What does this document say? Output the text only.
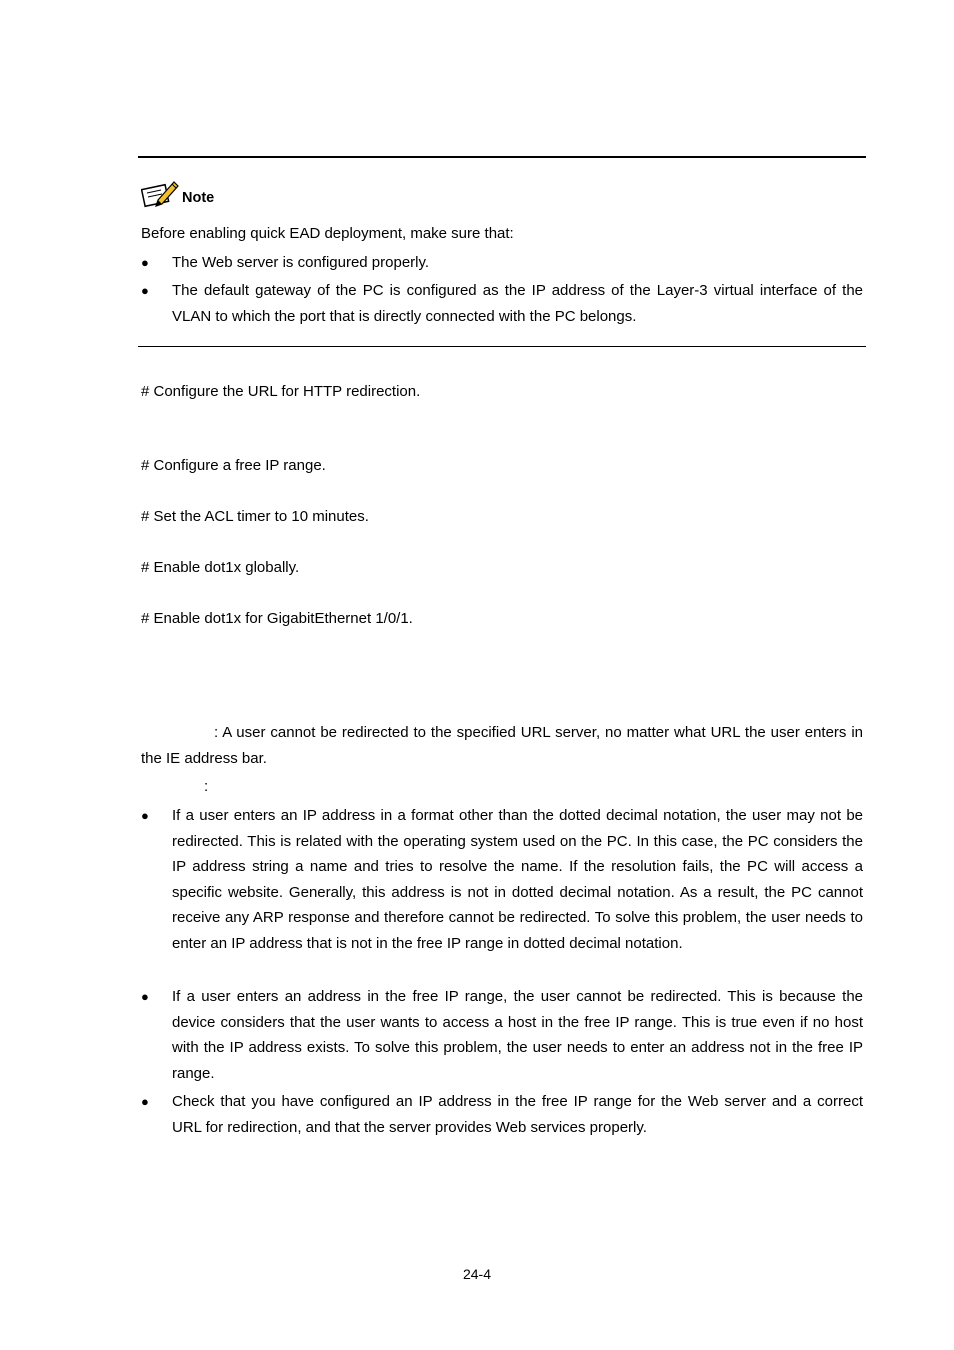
Note
Before enabling quick EAD deployment, make sure that:
● The Web server is configured properly.
● The default gateway of the PC is configured as the IP address of the Layer-3 virtual interface of the VLAN to which the port that is directly connected with the PC belongs.
# Configure the URL for HTTP redirection.
# Configure a free IP range.
# Set the ACL timer to 10 minutes.
# Enable dot1x globally.
# Enable dot1x for GigabitEthernet 1/0/1.
: A user cannot be redirected to the specified URL server, no matter what URL the user enters in the IE address bar.
:
● If a user enters an IP address in a format other than the dotted decimal notation, the user may not be redirected. This is related with the operating system used on the PC. In this case, the PC considers the IP address string a name and tries to resolve the name. If the resolution fails, the PC will access a specific website. Generally, this address is not in dotted decimal notation. As a result, the PC cannot receive any ARP response and therefore cannot be redirected. To solve this problem, the user needs to enter an IP address that is not in the free IP range in dotted decimal notation.
● If a user enters an address in the free IP range, the user cannot be redirected. This is because the device considers that the user wants to access a host in the free IP range. This is true even if no host with the IP address exists. To solve this problem, the user needs to enter an address not in the free IP range.
● Check that you have configured an IP address in the free IP range for the Web server and a correct URL for redirection, and that the server provides Web services properly.
24-4
